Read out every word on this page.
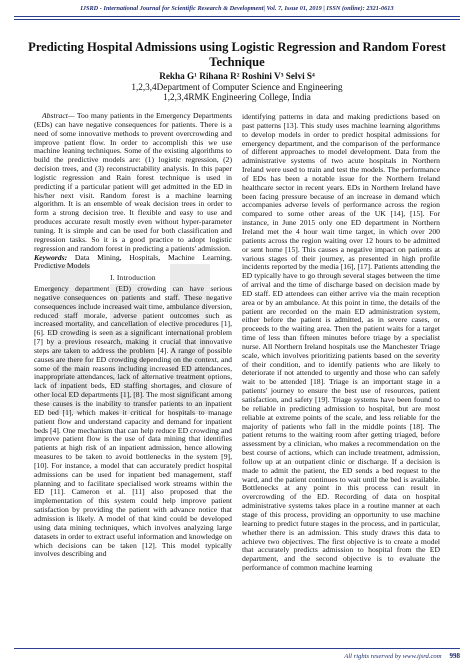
IJSRD - International Journal for Scientific Research & Development| Vol. 7, Issue 01, 2019 | ISSN (online): 2321-0613
Predicting Hospital Admissions using Logistic Regression and Random Forest Technique
Rekha G¹ Rihana R² Roshini V³ Selvi S⁴
1,2,3,4Department of Computer Science and Engineering
1,2,3,4RMK Engineering College, India

Abstract— Too many patients in the Emergency Departments (EDs) can have negative consequences for patients. There is a need of some innovative methods to prevent overcrowding and improve patient flow. In order to accomplish this we use machine leaning techniques. Some of the existing algorithms to build the predictive models are: (1) logistic regression, (2) decision trees, and (3) reconstructability analysis. In this paper logistic regression and Rain forest technique is used in predicting if a particular patient will get admitted in the ED in his/her next visit. Random forest is a machine learning algorithm. It is an ensemble of weak decision trees in order to form a strong decision tree. It flexible and easy to use and produces accurate result mostly even without hyper-parameter tuning. It is simple and can be used for both classification and regression tasks. So it is a good practice to adopt logistic regression and random forest in predicting a patients' admission.

Keywords: Data Mining, Hospitals, Machine Learning, Predictive Models

I. Introduction

Emergency department (ED) crowding can have serious negative consequences on patients and staff. These negative consequences include increased wait time, ambulance diversion, reduced staff morale, adverse patient outcomes such as increased mortality, and cancellation of elective procedures [1],[6]. ED crowding is seen as a significant international problem [7] by a previous research, making it crucial that innovative steps are taken to address the problem [4]. A range of possible causes are there for ED crowding depending on the context, and some of the main reasons including increased ED attendances, inappropriate attendances, lack of alternative treatment options, lack of inpatient beds, ED staffing shortages, and closure of other local ED departments [1], [8]. The most significant among these causes is the inability to transfer patients to an inpatient ED bed [1], which makes it critical for hospitals to manage patient flow and understand capacity and demand for inpatient beds [4]. One mechanism that can help reduce ED crowding and improve patient flow is the use of data mining that identifies patients at high risk of an inpatient admission, hence allowing measures to be taken to avoid bottlenecks in the system [9], [10]. For instance, a model that can accurately predict hospital admissions can be used for inpatient bed management, staff planning and to facilitate specialised work streams within the ED [11]. Cameron et al. [11] also proposed that the implementation of this system could help improve patient satisfaction by providing the patient with advance notice that admission is likely. A model of that kind could be developed using data mining techniques, which involves analyzing large datasets in order to extract useful information and knowledge on which decisions can be taken [12]. This model typically involves describing and

identifying patterns in data and making predictions based on past patterns [13]. This study uses machine learning algorithms to develop models in order to predict hospital admissions for emergency department, and the comparison of the performance of different approaches to model development. Data from the administrative systems of two acute hospitals in Northern Ireland were used to train and test the models. The performance of EDs has been a notable issue for the Northern Ireland healthcare sector in recent years. EDs in Northern Ireland have been facing pressure because of an increase in demand which accompanies adverse levels of performance across the region compared to some other areas of the UK [14], [15]. For instance, in June 2015 only one ED department in Northern Ireland met the 4 hour wait time target, in which over 200 patients across the region waiting over 12 hours to be admitted or sent home [15]. This causes a negative impact on patients at various stages of their journey, as presented in high profile incidents reported by the media [16], [17]. Patients attending the ED typically have to go through several stages between the time of arrival and the time of discharge based on decision made by ED staff. ED attendees can either arrive via the main reception area or by an ambulance. At this point in time, the details of the patient are recorded on the main ED administration system, either before the patient is admitted, as in severe cases, or proceeds to the waiting area. Then the patient waits for a target time of less than fifteen minutes before triage by a specialist nurse. All Northern Ireland hospitals use the Manchester Triage scale, which involves prioritizing patients based on the severity of their condition, and to identify patients who are likely to deteriorate if not attended to urgently and those who can safely wait to be attended [18]. Triage is an important stage in a patients' journey to ensure the best use of resources, patient satisfaction, and safety [19]. Triage systems have been found to be reliable in predicting admission to hospital, but are most reliable at extreme points of the scale, and less reliable for the majority of patients who fall in the middle points [18]. The patient returns to the waiting room after getting triaged, before assessment by a clinician, who makes a recommendation on the best course of actions, which can include treatment, admission, follow up at an outpatient clinic or discharge. If a decision is made to admit the patient, the ED sends a bed request to the ward, and the patient continues to wait until the bed is available. Bottlenecks at any point in this process can result in overcrowding of the ED. Recording of data on hospital administrative systems takes place in a routine manner at each stage of this process, providing an opportunity to use machine learning to predict future stages in the process, and in particular, whether there is an admission. This study draws this data to achieve two objectives. The first objective is to create a model that accurately predicts admission to hospital from the ED department, and the second objective is to evaluate the performance of common machine learning

All rights reserved by www.ijsrd.com 998
